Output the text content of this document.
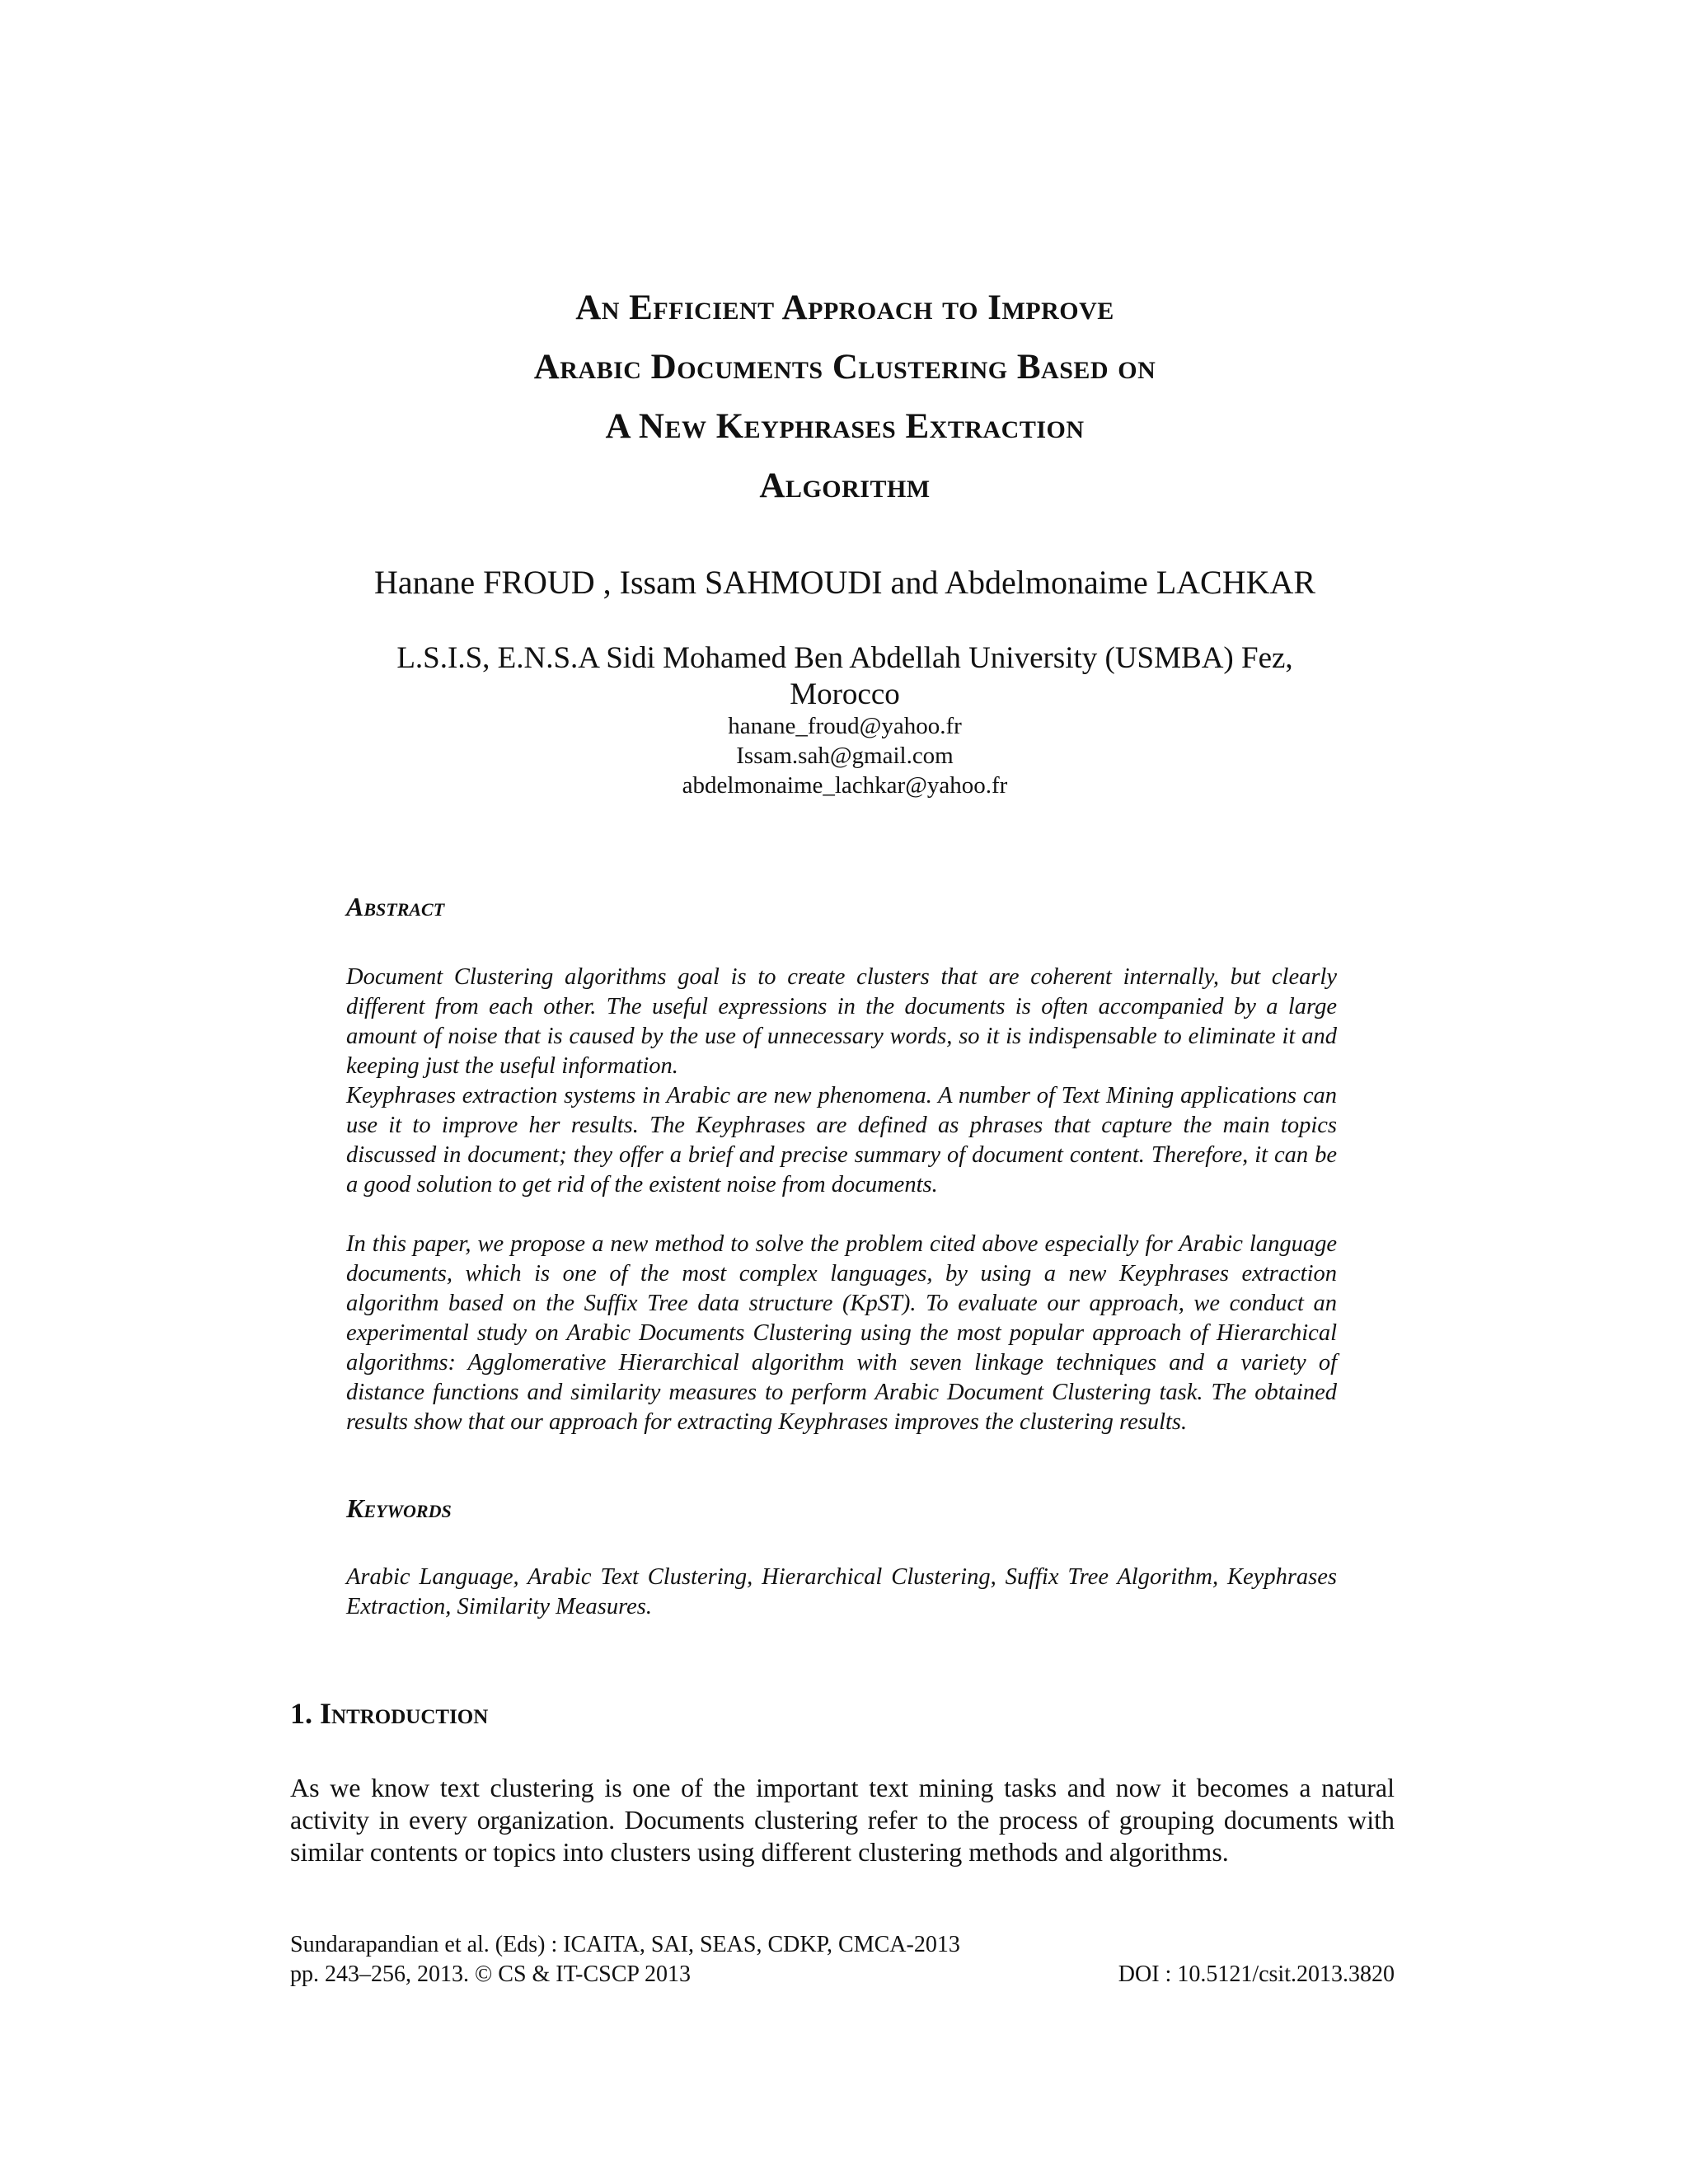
An Efficient Approach to Improve
Arabic Documents Clustering Based on
A New Keyphrases Extraction
Algorithm
Hanane FROUD , Issam SAHMOUDI and Abdelmonaime LACHKAR
L.S.I.S, E.N.S.A Sidi Mohamed Ben Abdellah University (USMBA) Fez,
Morocco
hanane_froud@yahoo.fr
Issam.sah@gmail.com
abdelmonaime_lachkar@yahoo.fr
Abstract

Document Clustering algorithms goal is to create clusters that are coherent internally, but clearly different from each other. The useful expressions in the documents is often accompanied by a large amount of noise that is caused by the use of unnecessary words, so it is indispensable to eliminate it and keeping just the useful information.

Keyphrases extraction systems in Arabic are new phenomena. A number of Text Mining applications can use it to improve her results. The Keyphrases are defined as phrases that capture the main topics discussed in document; they offer a brief and precise summary of document content. Therefore, it can be a good solution to get rid of the existent noise from documents.

In this paper, we propose a new method to solve the problem cited above especially for Arabic language documents, which is one of the most complex languages, by using a new Keyphrases extraction algorithm based on the Suffix Tree data structure (KpST). To evaluate our approach, we conduct an experimental study on Arabic Documents Clustering using the most popular approach of Hierarchical algorithms: Agglomerative Hierarchical algorithm with seven linkage techniques and a variety of distance functions and similarity measures to perform Arabic Document Clustering task. The obtained results show that our approach for extracting Keyphrases improves the clustering results.

Keywords

Arabic Language, Arabic Text Clustering, Hierarchical Clustering, Suffix Tree Algorithm, Keyphrases Extraction, Similarity Measures.

1. Introduction

As we know text clustering is one of the important text mining tasks and now it becomes a natural activity in every organization. Documents clustering refer to the process of grouping documents with similar contents or topics into clusters using different clustering methods and algorithms.

Sundarapandian et al. (Eds) : ICAITA, SAI, SEAS, CDKP, CMCA-2013
pp. 243–256, 2013. © CS & IT-CSCP 2013	DOI : 10.5121/csit.2013.3820
